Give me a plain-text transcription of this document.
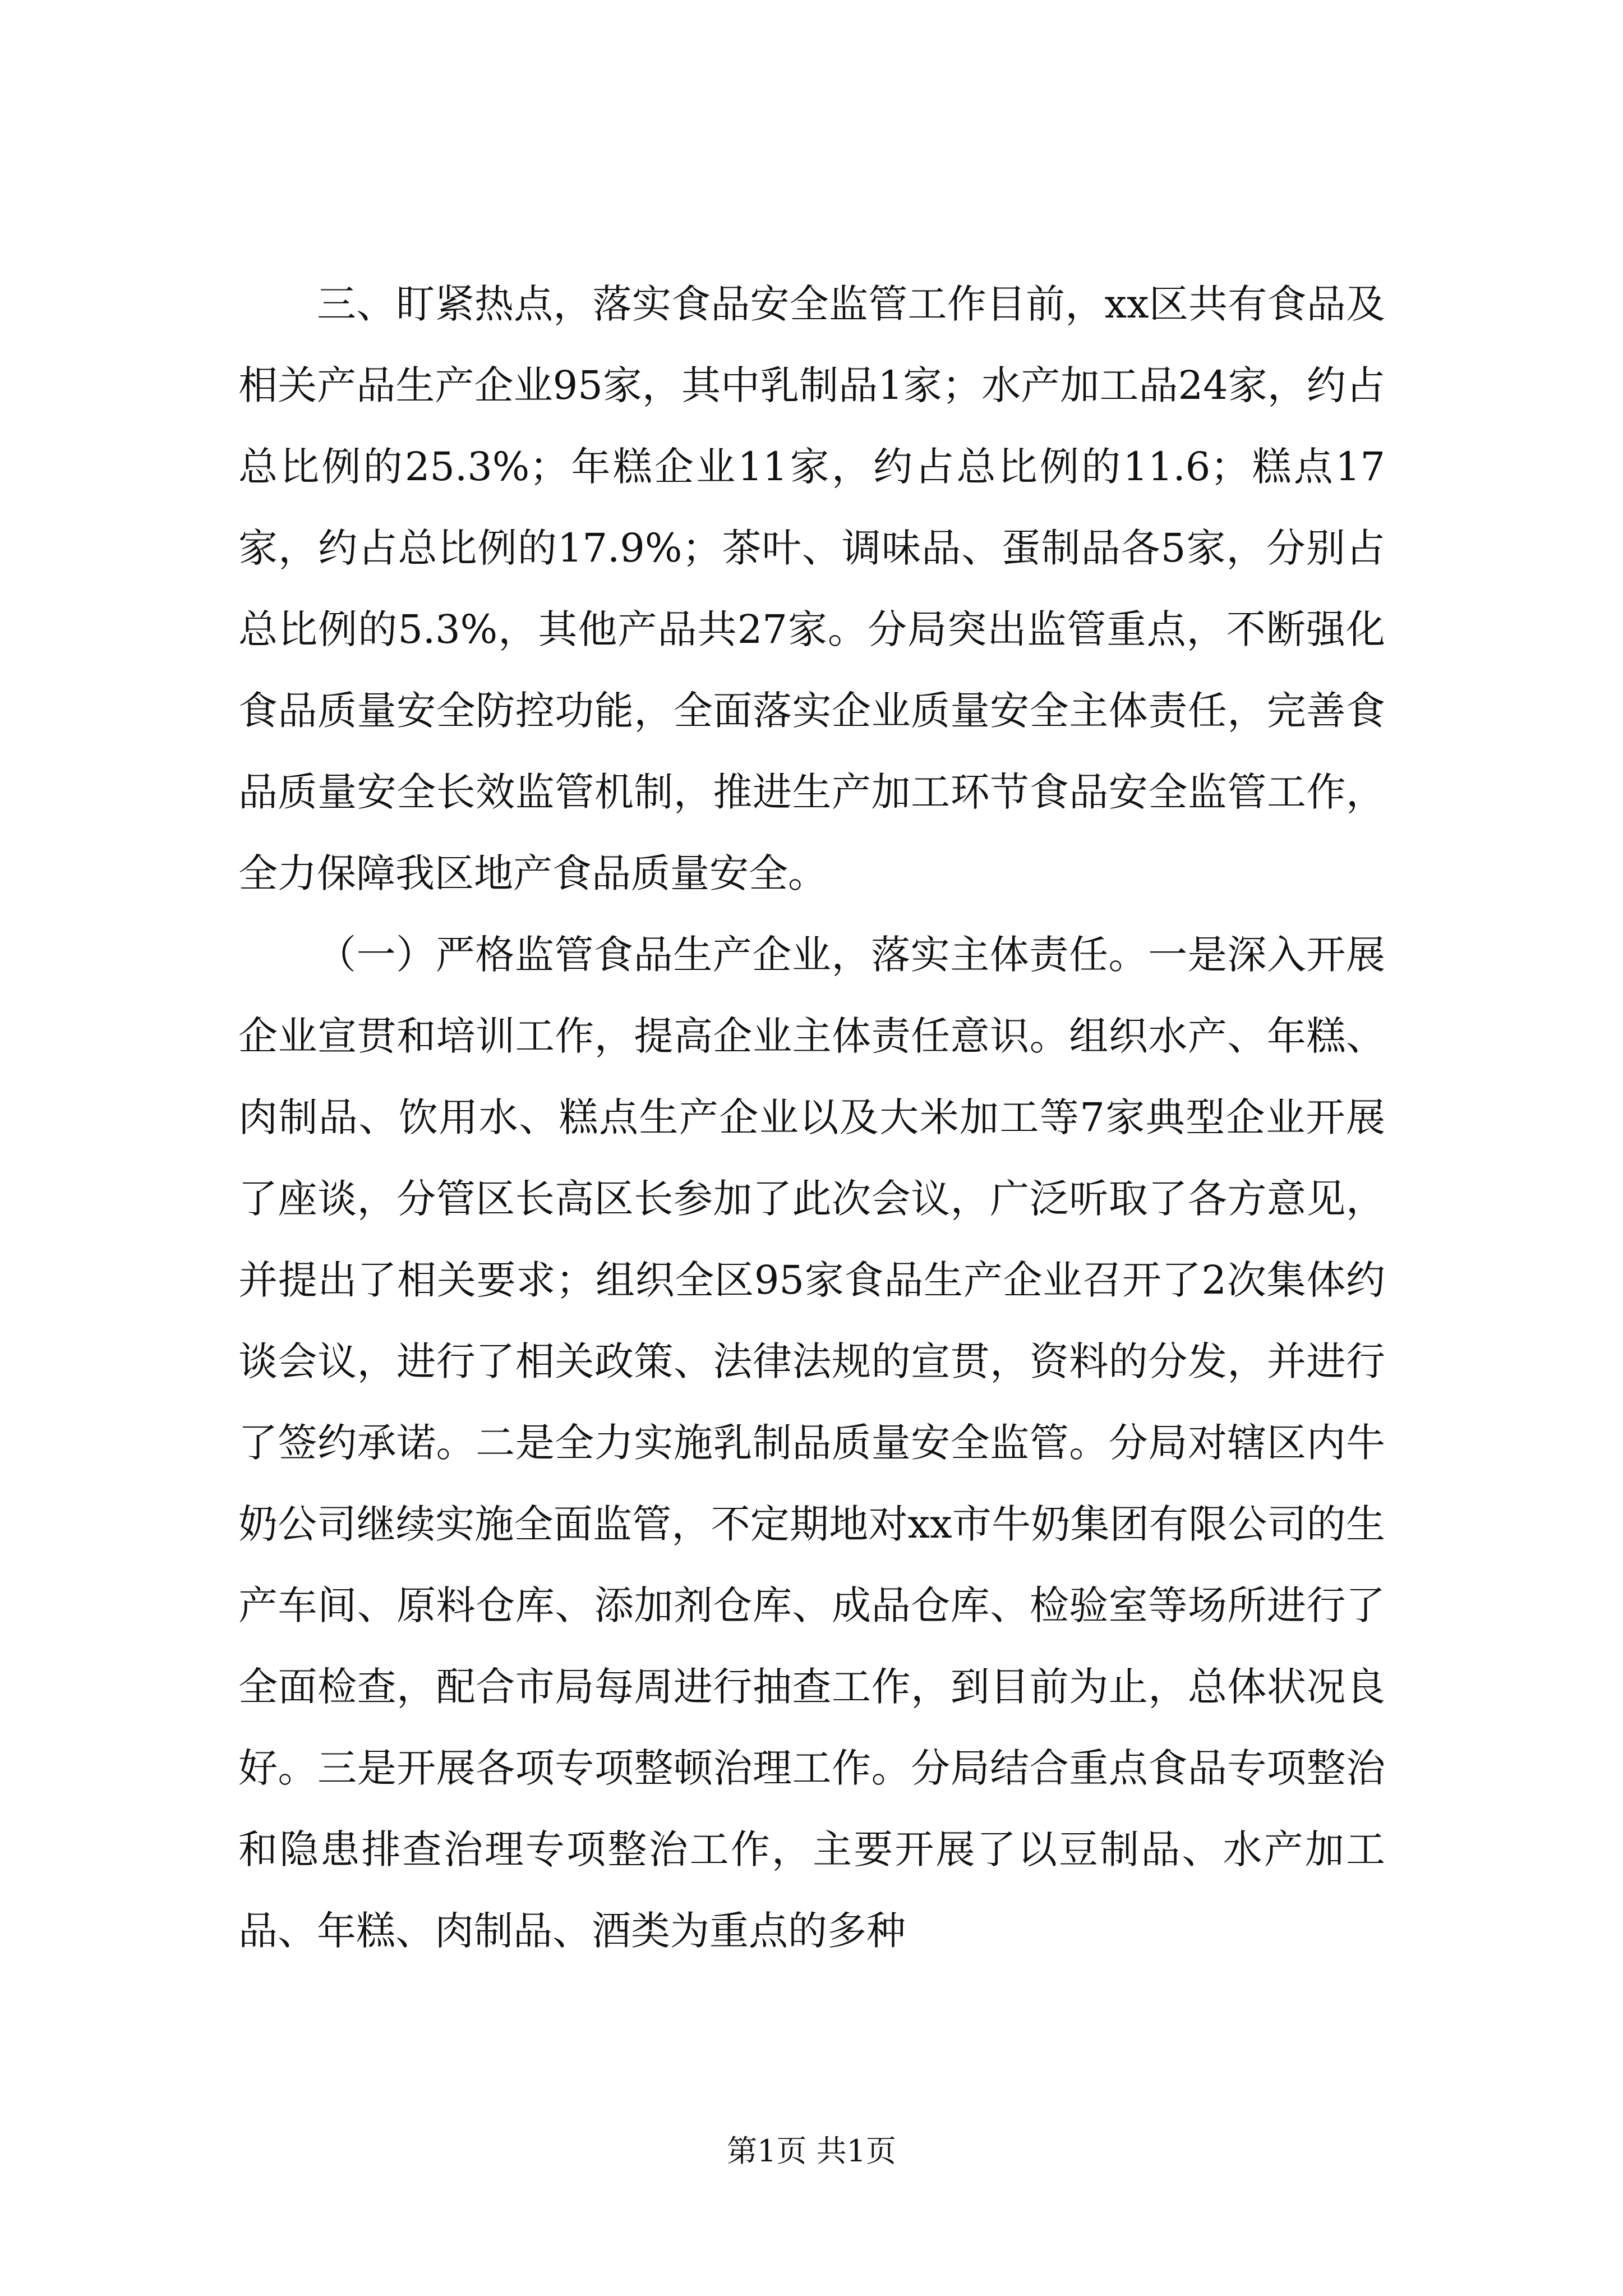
三、盯紧热点，落实食品安全监管工作目前，xx区共有食品及相关产品生产企业95家，其中乳制品1家；水产加工品24家，约占总比例的25.3%；年糕企业11家，约占总比例的11.6；糕点17家，约占总比例的17.9%；茶叶、调味品、蛋制品各5家，分别占总比例的5.3%，其他产品共27家。分局突出监管重点，不断强化食品质量安全防控功能，全面落实企业质量安全主体责任，完善食品质量安全长效监管机制，推进生产加工环节食品安全监管工作，全力保障我区地产食品质量安全。

（一）严格监管食品生产企业，落实主体责任。一是深入开展企业宣贯和培训工作，提高企业主体责任意识。组织水产、年糕、肉制品、饮用水、糕点生产企业以及大米加工等7家典型企业开展了座谈，分管区长高区长参加了此次会议，广泛听取了各方意见，并提出了相关要求；组织全区95家食品生产企业召开了2次集体约谈会议，进行了相关政策、法律法规的宣贯，资料的分发，并进行了签约承诺。二是全力实施乳制品质量安全监管。分局对辖区内牛奶公司继续实施全面监管，不定期地对xx市牛奶集团有限公司的生产车间、原料仓库、添加剂仓库、成品仓库、检验室等场所进行了全面检查，配合市局每周进行抽查工作，到目前为止，总体状况良好。三是开展各项专项整顿治理工作。分局结合重点食品专项整治和隐患排查治理专项整治工作，主要开展了以豆制品、水产加工品、年糕、肉制品、酒类为重点的多种

第1页 共1页
